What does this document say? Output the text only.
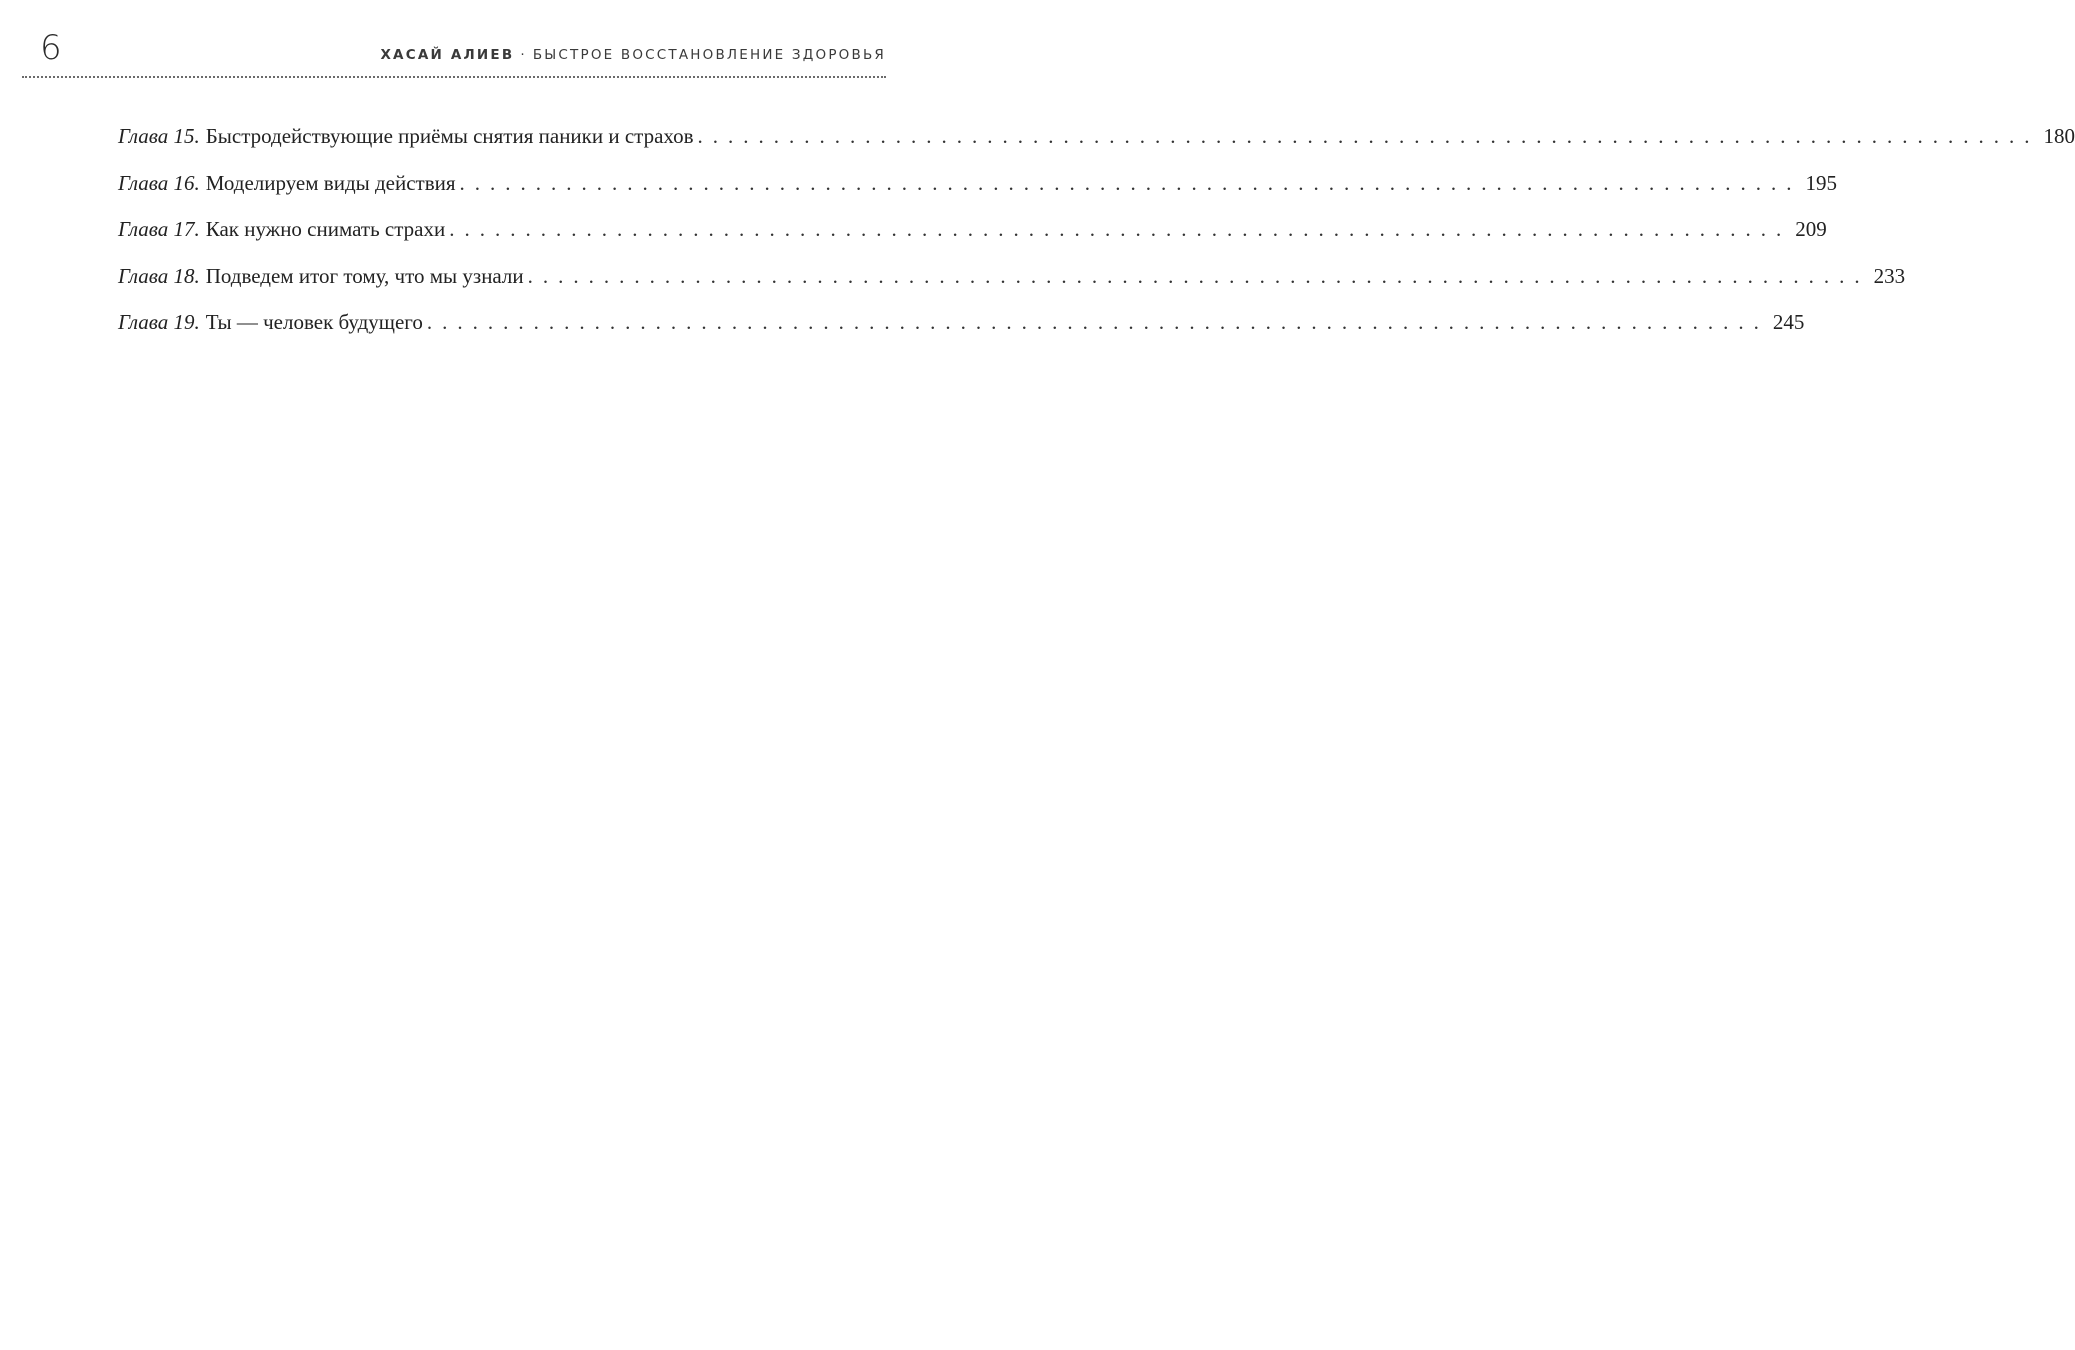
6	ХАСАЙ АЛИЕВ · БЫСТРОЕ ВОССТАНОВЛЕНИЕ ЗДОРОВЬЯ
Глава 15. Быстродействующие приёмы снятия паники и страхов ........................................................................................ 180
Глава 16. Моделируем виды действия ........................................................................................ 195
Глава 17. Как нужно снимать страхи ........................................................................................ 209
Глава 18. Подведем итог тому, что мы узнали ........................................................................................ 233
Глава 19. Ты — человек будущего ........................................................................................ 245
